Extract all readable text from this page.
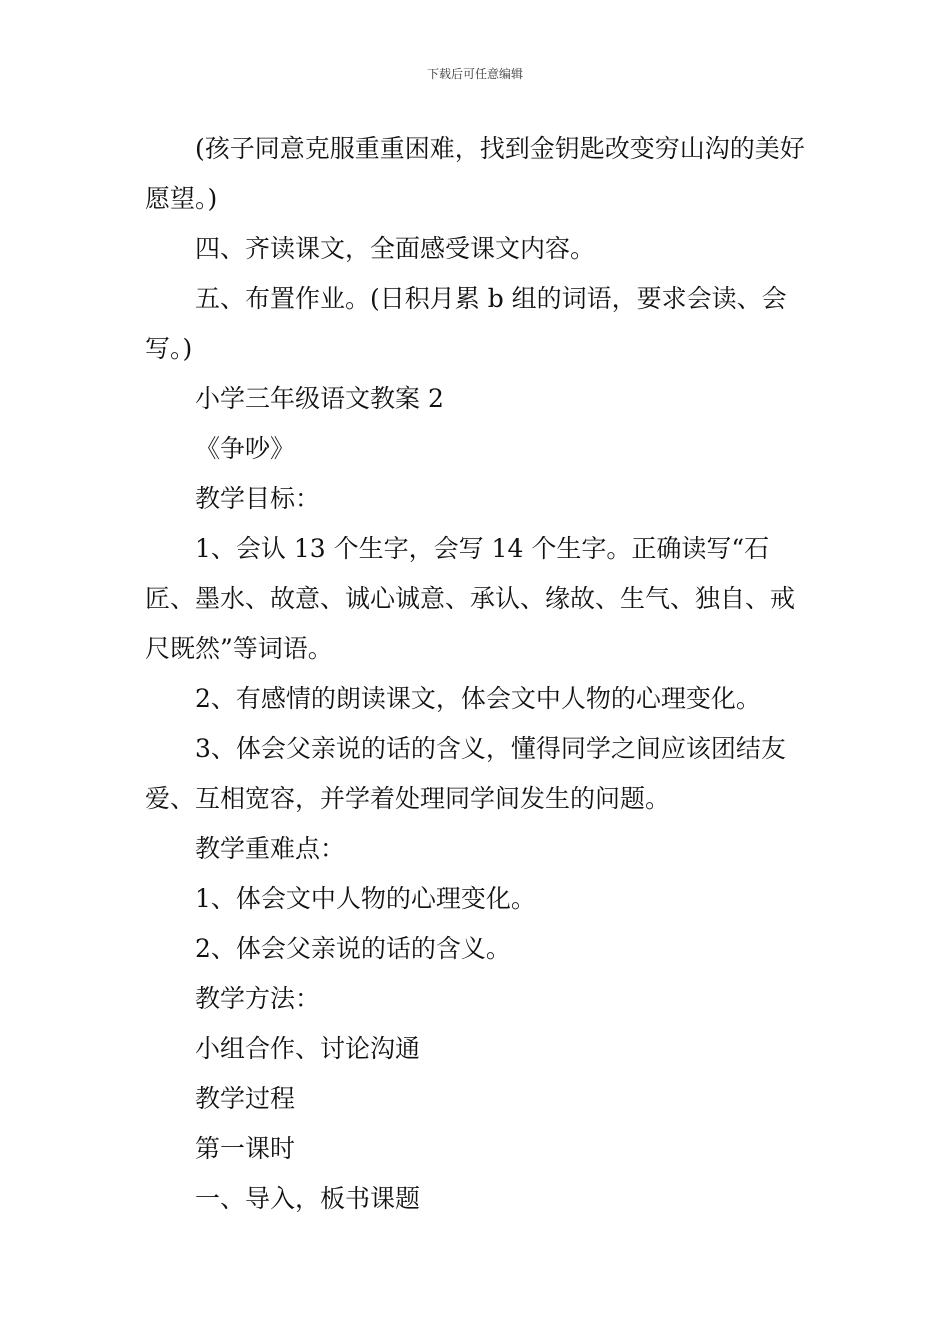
下载后可任意编辑

(孩子同意克服重重困难，找到金钥匙改变穷山沟的美好愿望。)

四、齐读课文，全面感受课文内容。

五、布置作业。(日积月累 b 组的词语，要求会读、会写。)

小学三年级语文教案 2

《争吵》

教学目标：

1、会认 13 个生字，会写 14 个生字。正确读写“石匠、墨水、故意、诚心诚意、承认、缘故、生气、独自、戒尺既然”等词语。

2、有感情的朗读课文，体会文中人物的心理变化。

3、体会父亲说的话的含义，懂得同学之间应该团结友爱、互相宽容，并学着处理同学间发生的问题。

教学重难点：

1、体会文中人物的心理变化。

2、体会父亲说的话的含义。

教学方法：

小组合作、讨论沟通

教学过程

第一课时

一、导入，板书课题
